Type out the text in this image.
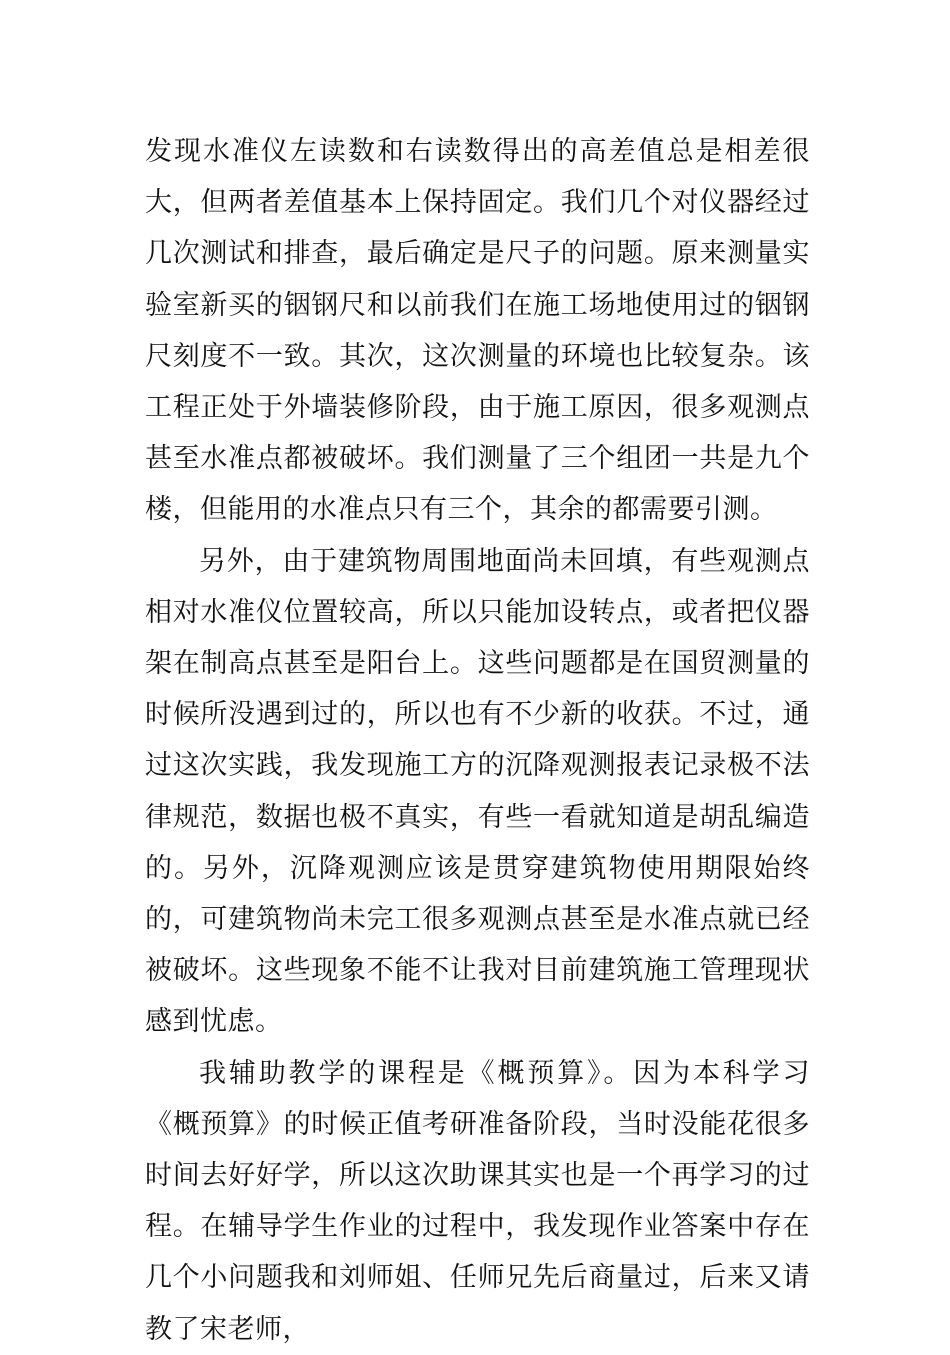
发现水准仪左读数和右读数得出的高差值总是相差很大，但两者差值基本上保持固定。我们几个对仪器经过几次测试和排查，最后确定是尺子的问题。原来测量实验室新买的铟钢尺和以前我们在施工场地使用过的铟钢尺刻度不一致。其次，这次测量的环境也比较复杂。该工程正处于外墙装修阶段，由于施工原因，很多观测点甚至水准点都被破坏。我们测量了三个组团一共是九个楼，但能用的水准点只有三个，其余的都需要引测。

另外，由于建筑物周围地面尚未回填，有些观测点相对水准仪位置较高，所以只能加设转点，或者把仪器架在制高点甚至是阳台上。这些问题都是在国贸测量的时候所没遇到过的，所以也有不少新的收获。不过，通过这次实践，我发现施工方的沉降观测报表记录极不法律规范，数据也极不真实，有些一看就知道是胡乱编造的。另外，沉降观测应该是贯穿建筑物使用期限始终的，可建筑物尚未完工很多观测点甚至是水准点就已经被破坏。这些现象不能不让我对目前建筑施工管理现状感到忧虑。

我辅助教学的课程是《概预算》。因为本科学习《概预算》的时候正值考研准备阶段，当时没能花很多时间去好好学，所以这次助课其实也是一个再学习的过程。在辅导学生作业的过程中，我发现作业答案中存在几个小问题我和刘师姐、任师兄先后商量过，后来又请教了宋老师，
